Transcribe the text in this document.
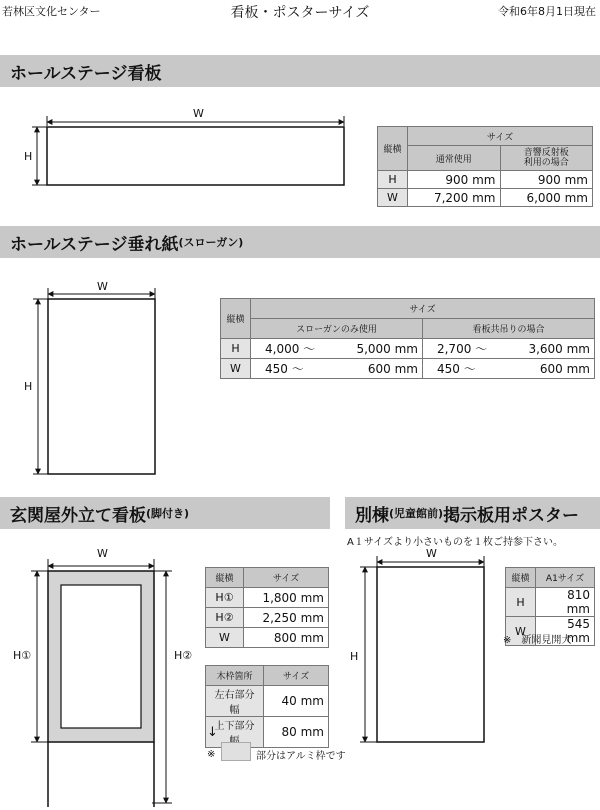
若林区文化センター	看板・ポスターサイズ	令和6年8月1日現在
ホールステージ看板
W
H	縦横	サイズ	
	通常使用	音響反射板
利用の場合
H	900 mm	900 mm
W	7,200 mm	6,000 mm
ホールステージ垂れ紙 (スローガン)
W
H
縦横	サイズ			
	スローガンのみ使用		看板共吊りの場合	
H	4,000 ～	5,000 mm	2,700 ～	3,600 mm
W	450 ～	600 mm	450 ～	600 mm
玄関屋外立て看板 (脚付き)
W
H①	H②
縦横	サイズ
H①	1,800 mm
H②	2,250 mm
W	800 mm
木枠箇所	サイズ
左右部分幅	40 mm
上下部分	80 mm
↓
※	部分はアルミ枠です
別棟 (児童館前) 掲示板用ポスター
A１サイズより小さいものを１枚ご持参下さい。
W
H
縦横	A1サイズ
H	810 mm
W	545 mm
※　新聞見開大
